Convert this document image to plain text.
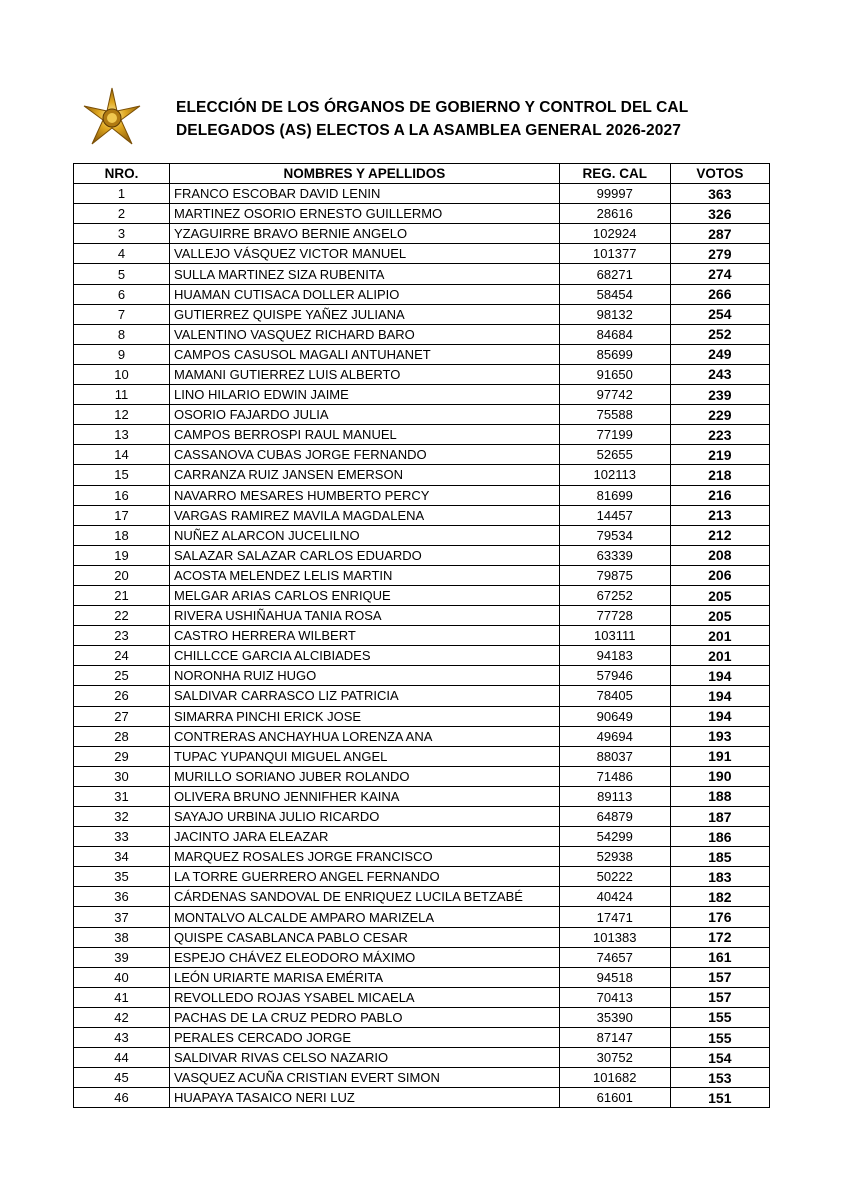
ELECCIÓN DE LOS ÓRGANOS DE GOBIERNO Y CONTROL DEL CAL
DELEGADOS (AS) ELECTOS A LA ASAMBLEA GENERAL 2026-2027
NRO.	NOMBRES Y APELLIDOS	REG. CAL	VOTOS
1	FRANCO ESCOBAR DAVID LENIN	99997	363
2	MARTINEZ OSORIO ERNESTO GUILLERMO	28616	326
3	YZAGUIRRE BRAVO BERNIE ANGELO	102924	287
4	VALLEJO VÁSQUEZ VICTOR MANUEL	101377	279
5	SULLA MARTINEZ SIZA RUBENITA	68271	274
6	HUAMAN CUTISACA DOLLER ALIPIO	58454	266
7	GUTIERREZ QUISPE YAÑEZ JULIANA	98132	254
8	VALENTINO VASQUEZ RICHARD BARO	84684	252
9	CAMPOS CASUSOL MAGALI ANTUHANET	85699	249
10	MAMANI GUTIERREZ LUIS ALBERTO	91650	243
11	LINO HILARIO EDWIN JAIME	97742	239
12	OSORIO FAJARDO JULIA	75588	229
13	CAMPOS BERROSPI RAUL MANUEL	77199	223
14	CASSANOVA CUBAS JORGE FERNANDO	52655	219
15	CARRANZA RUIZ JANSEN EMERSON	102113	218
16	NAVARRO MESARES HUMBERTO PERCY	81699	216
17	VARGAS RAMIREZ MAVILA MAGDALENA	14457	213
18	NUÑEZ ALARCON JUCELILNO	79534	212
19	SALAZAR SALAZAR CARLOS EDUARDO	63339	208
20	ACOSTA MELENDEZ LELIS MARTIN	79875	206
21	MELGAR ARIAS CARLOS ENRIQUE	67252	205
22	RIVERA USHIÑAHUA TANIA ROSA	77728	205
23	CASTRO HERRERA WILBERT	103111	201
24	CHILLCCE GARCIA ALCIBIADES	94183	201
25	NORONHA RUIZ HUGO	57946	194
26	SALDIVAR CARRASCO LIZ PATRICIA	78405	194
27	SIMARRA PINCHI ERICK JOSE	90649	194
28	CONTRERAS ANCHAYHUA LORENZA ANA	49694	193
29	TUPAC YUPANQUI MIGUEL ANGEL	88037	191
30	MURILLO SORIANO JUBER ROLANDO	71486	190
31	OLIVERA BRUNO JENNIFHER KAINA	89113	188
32	SAYAJO URBINA JULIO RICARDO	64879	187
33	JACINTO JARA ELEAZAR	54299	186
34	MARQUEZ ROSALES JORGE FRANCISCO	52938	185
35	LA TORRE GUERRERO ANGEL FERNANDO	50222	183
36	CÁRDENAS SANDOVAL DE ENRIQUEZ LUCILA BETZABÉ	40424	182
37	MONTALVO ALCALDE AMPARO MARIZELA	17471	176
38	QUISPE CASABLANCA PABLO CESAR	101383	172
39	ESPEJO CHÁVEZ ELEODORO MÁXIMO	74657	161
40	LEÓN URIARTE MARISA EMÉRITA	94518	157
41	REVOLLEDO ROJAS YSABEL MICAELA	70413	157
42	PACHAS DE LA CRUZ PEDRO PABLO	35390	155
43	PERALES CERCADO JORGE	87147	155
44	SALDIVAR RIVAS CELSO NAZARIO	30752	154
45	VASQUEZ ACUÑA CRISTIAN EVERT SIMON	101682	153
46	HUAPAYA TASAICO NERI LUZ	61601	151
